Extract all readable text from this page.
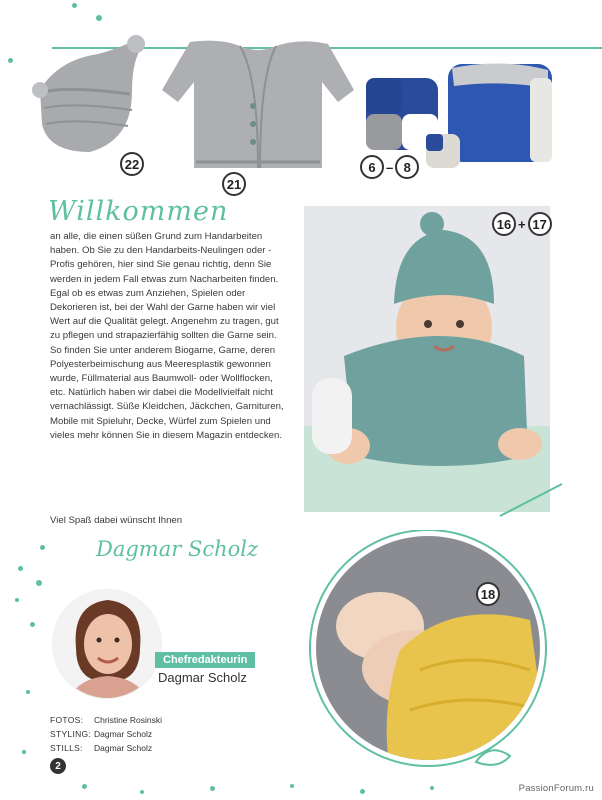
22
21
6 – 8
Willkommen
an alle, die einen süßen Grund zum Handarbeiten haben. Ob Sie zu den Handarbeits-Neulingen oder -Profis gehören, hier sind Sie genau richtig, denn Sie werden in jedem Fall etwas zum Nacharbeiten finden. Egal ob es etwas zum Anziehen, Spielen oder Dekorieren ist, bei der Wahl der Garne haben wir viel Wert auf die Qualität gelegt. Angenehm zu tragen, gut zu pflegen und strapazierfähig sollten die Garne sein. So finden Sie unter anderem Biogarne, Garne, deren Polyesterbeimischung aus Meeresplastik gewonnen wurde, Füllmaterial aus Baumwoll- oder Wollflocken, etc. Natürlich haben wir dabei die Modellvielfalt nicht vernachlässigt. Süße Kleidchen, Jäckchen, Garnituren, Mobile mit Spieluhr, Decke, Würfel zum Spielen und vieles mehr können Sie in diesem Magazin entdecken.
Viel Spaß dabei wünscht Ihnen
Dagmar Scholz
16 + 17
18
Chefredakteurin
Dagmar Scholz
FOTOS:	Christine Rosinski
STYLING: Dagmar Scholz
STILLS:	Dagmar Scholz
2
PassionForum.ru
